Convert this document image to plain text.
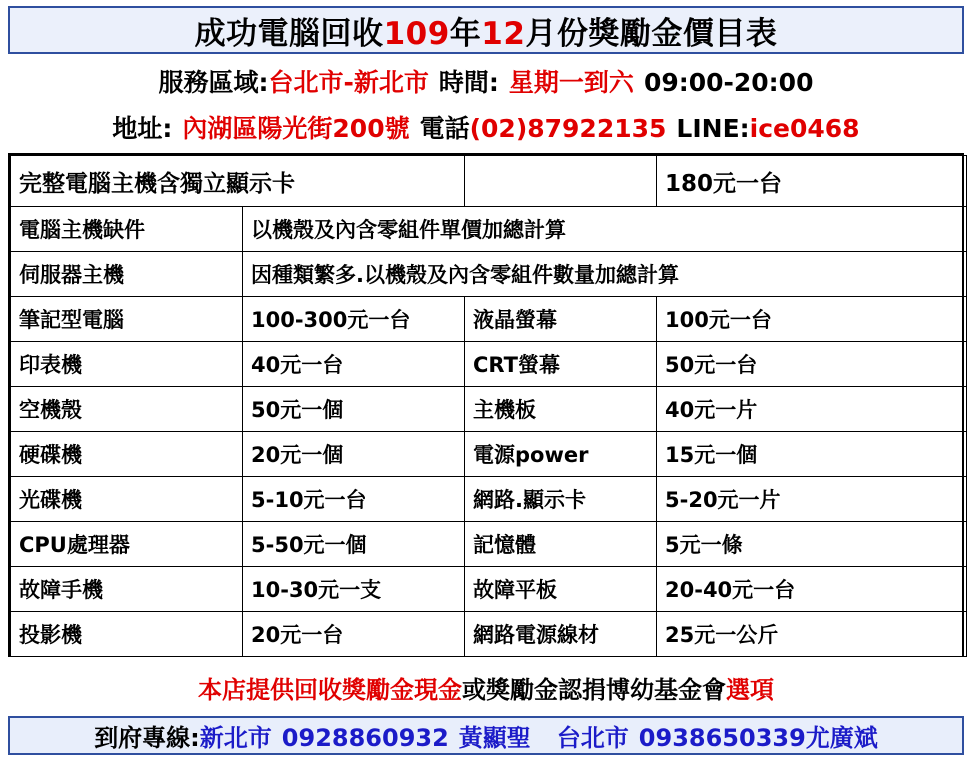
成功電腦回收109年12月份獎勵金價目表
服務區域:台北市-新北市 時間: 星期一到六 09:00-20:00
地址: 內湖區陽光街200號 電話(02)87922135 LINE:ice0468
完整電腦主機含獨立顯示卡			180元一台
電腦主機缺件	以機殼及內含零組件單價加總計算		
伺服器主機	因種類繁多.以機殼及內含零組件數量加總計算		
筆記型電腦	100-300元一台	液晶螢幕	100元一台
印表機	40元一台	CRT螢幕	50元一台
空機殼	50元一個	主機板	40元一片
硬碟機	20元一個	電源power	15元一個
光碟機	5-10元一台	網路.顯示卡	5-20元一片
CPU處理器	5-50元一個	記憶體	5元一條
故障手機	10-30元一支	故障平板	20-40元一台
投影機	20元一台	網路電源線材	25元一公斤
本店提供回收獎勵金現金或獎勵金認捐博幼基金會選項
到府專線:新北市 0928860932 黃顯聖 台北市 0938650339尤廣斌
